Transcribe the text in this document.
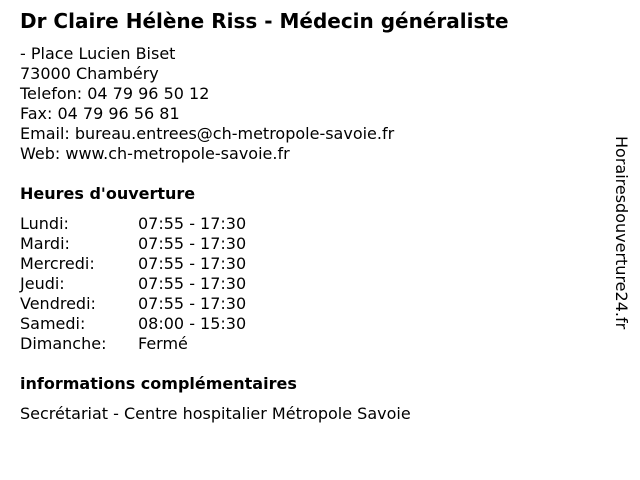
Dr Claire Hélène Riss - Médecin généraliste
- Place Lucien Biset
73000 Chambéry
Telefon: 04 79 96 50 12
Fax: 04 79 96 56 81
Email: bureau.entrees@ch-metropole-savoie.fr
Web: www.ch-metropole-savoie.fr
Heures d'ouverture
Lundi:	07:55 - 17:30
Mardi:	07:55 - 17:30
Mercredi:	07:55 - 17:30
Jeudi:	07:55 - 17:30
Vendredi:	07:55 - 17:30
Samedi:	08:00 - 15:30
Dimanche: Fermé
informations complémentaires
Secrétariat - Centre hospitalier Métropole Savoie
Horairesdouverture24.fr
